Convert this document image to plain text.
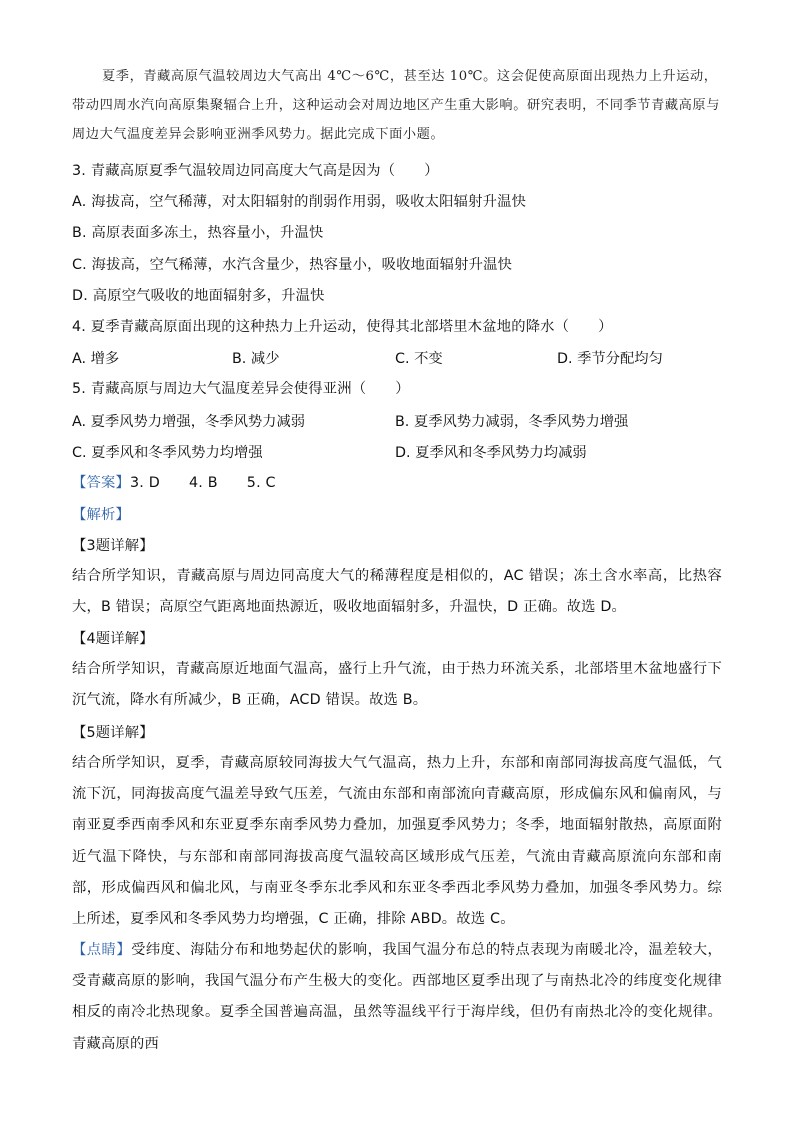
夏季，青藏高原气温较周边大气高出 4℃～6℃，甚至达 10℃。这会促使高原面出现热力上升运动，带动四周水汽向高原集聚辐合上升，这种运动会对周边地区产生重大影响。研究表明，不同季节青藏高原与周边大气温度差异会影响亚洲季风势力。据此完成下面小题。
3. 青藏高原夏季气温较周边同高度大气高是因为（　　）
A. 海拔高，空气稀薄，对太阳辐射的削弱作用弱，吸收太阳辐射升温快
B. 高原表面多冻土，热容量小，升温快
C. 海拔高，空气稀薄，水汽含量少，热容量小，吸收地面辐射升温快
D. 高原空气吸收的地面辐射多，升温快
4. 夏季青藏高原面出现的这种热力上升运动，使得其北部塔里木盆地的降水（　　）
A. 增多	B. 减少	C. 不变	D. 季节分配均匀
5. 青藏高原与周边大气温度差异会使得亚洲（　　）
A. 夏季风势力增强，冬季风势力减弱	B. 夏季风势力减弱，冬季风势力增强
C. 夏季风和冬季风势力均增强	D. 夏季风和冬季风势力均减弱
【答案】3. D　　4. B　　5. C
【解析】
【3题详解】
结合所学知识，青藏高原与周边同高度大气的稀薄程度是相似的，AC 错误；冻土含水率高，比热容大，B 错误；高原空气距离地面热源近，吸收地面辐射多，升温快，D 正确。故选 D。
【4题详解】
结合所学知识，青藏高原近地面气温高，盛行上升气流，由于热力环流关系，北部塔里木盆地盛行下沉气流，降水有所减少，B 正确，ACD 错误。故选 B。
【5题详解】
结合所学知识，夏季，青藏高原较同海拔大气气温高，热力上升，东部和南部同海拔高度气温低，气流下沉，同海拔高度气温差导致气压差，气流由东部和南部流向青藏高原，形成偏东风和偏南风，与南亚夏季西南季风和东亚夏季东南季风势力叠加，加强夏季风势力；冬季，地面辐射散热，高原面附近气温下降快，与东部和南部同海拔高度气温较高区域形成气压差，气流由青藏高原流向东部和南部，形成偏西风和偏北风，与南亚冬季东北季风和东亚冬季西北季风势力叠加，加强冬季风势力。综上所述，夏季风和冬季风势力均增强，C 正确，排除 ABD。故选 C。
【点睛】受纬度、海陆分布和地势起伏的影响，我国气温分布总的特点表现为南暖北冷，温差较大，受青藏高原的影响，我国气温分布产生极大的变化。西部地区夏季出现了与南热北冷的纬度变化规律相反的南冷北热现象。夏季全国普遍高温，虽然等温线平行于海岸线，但仍有南热北冷的变化规律。青藏高原的西
